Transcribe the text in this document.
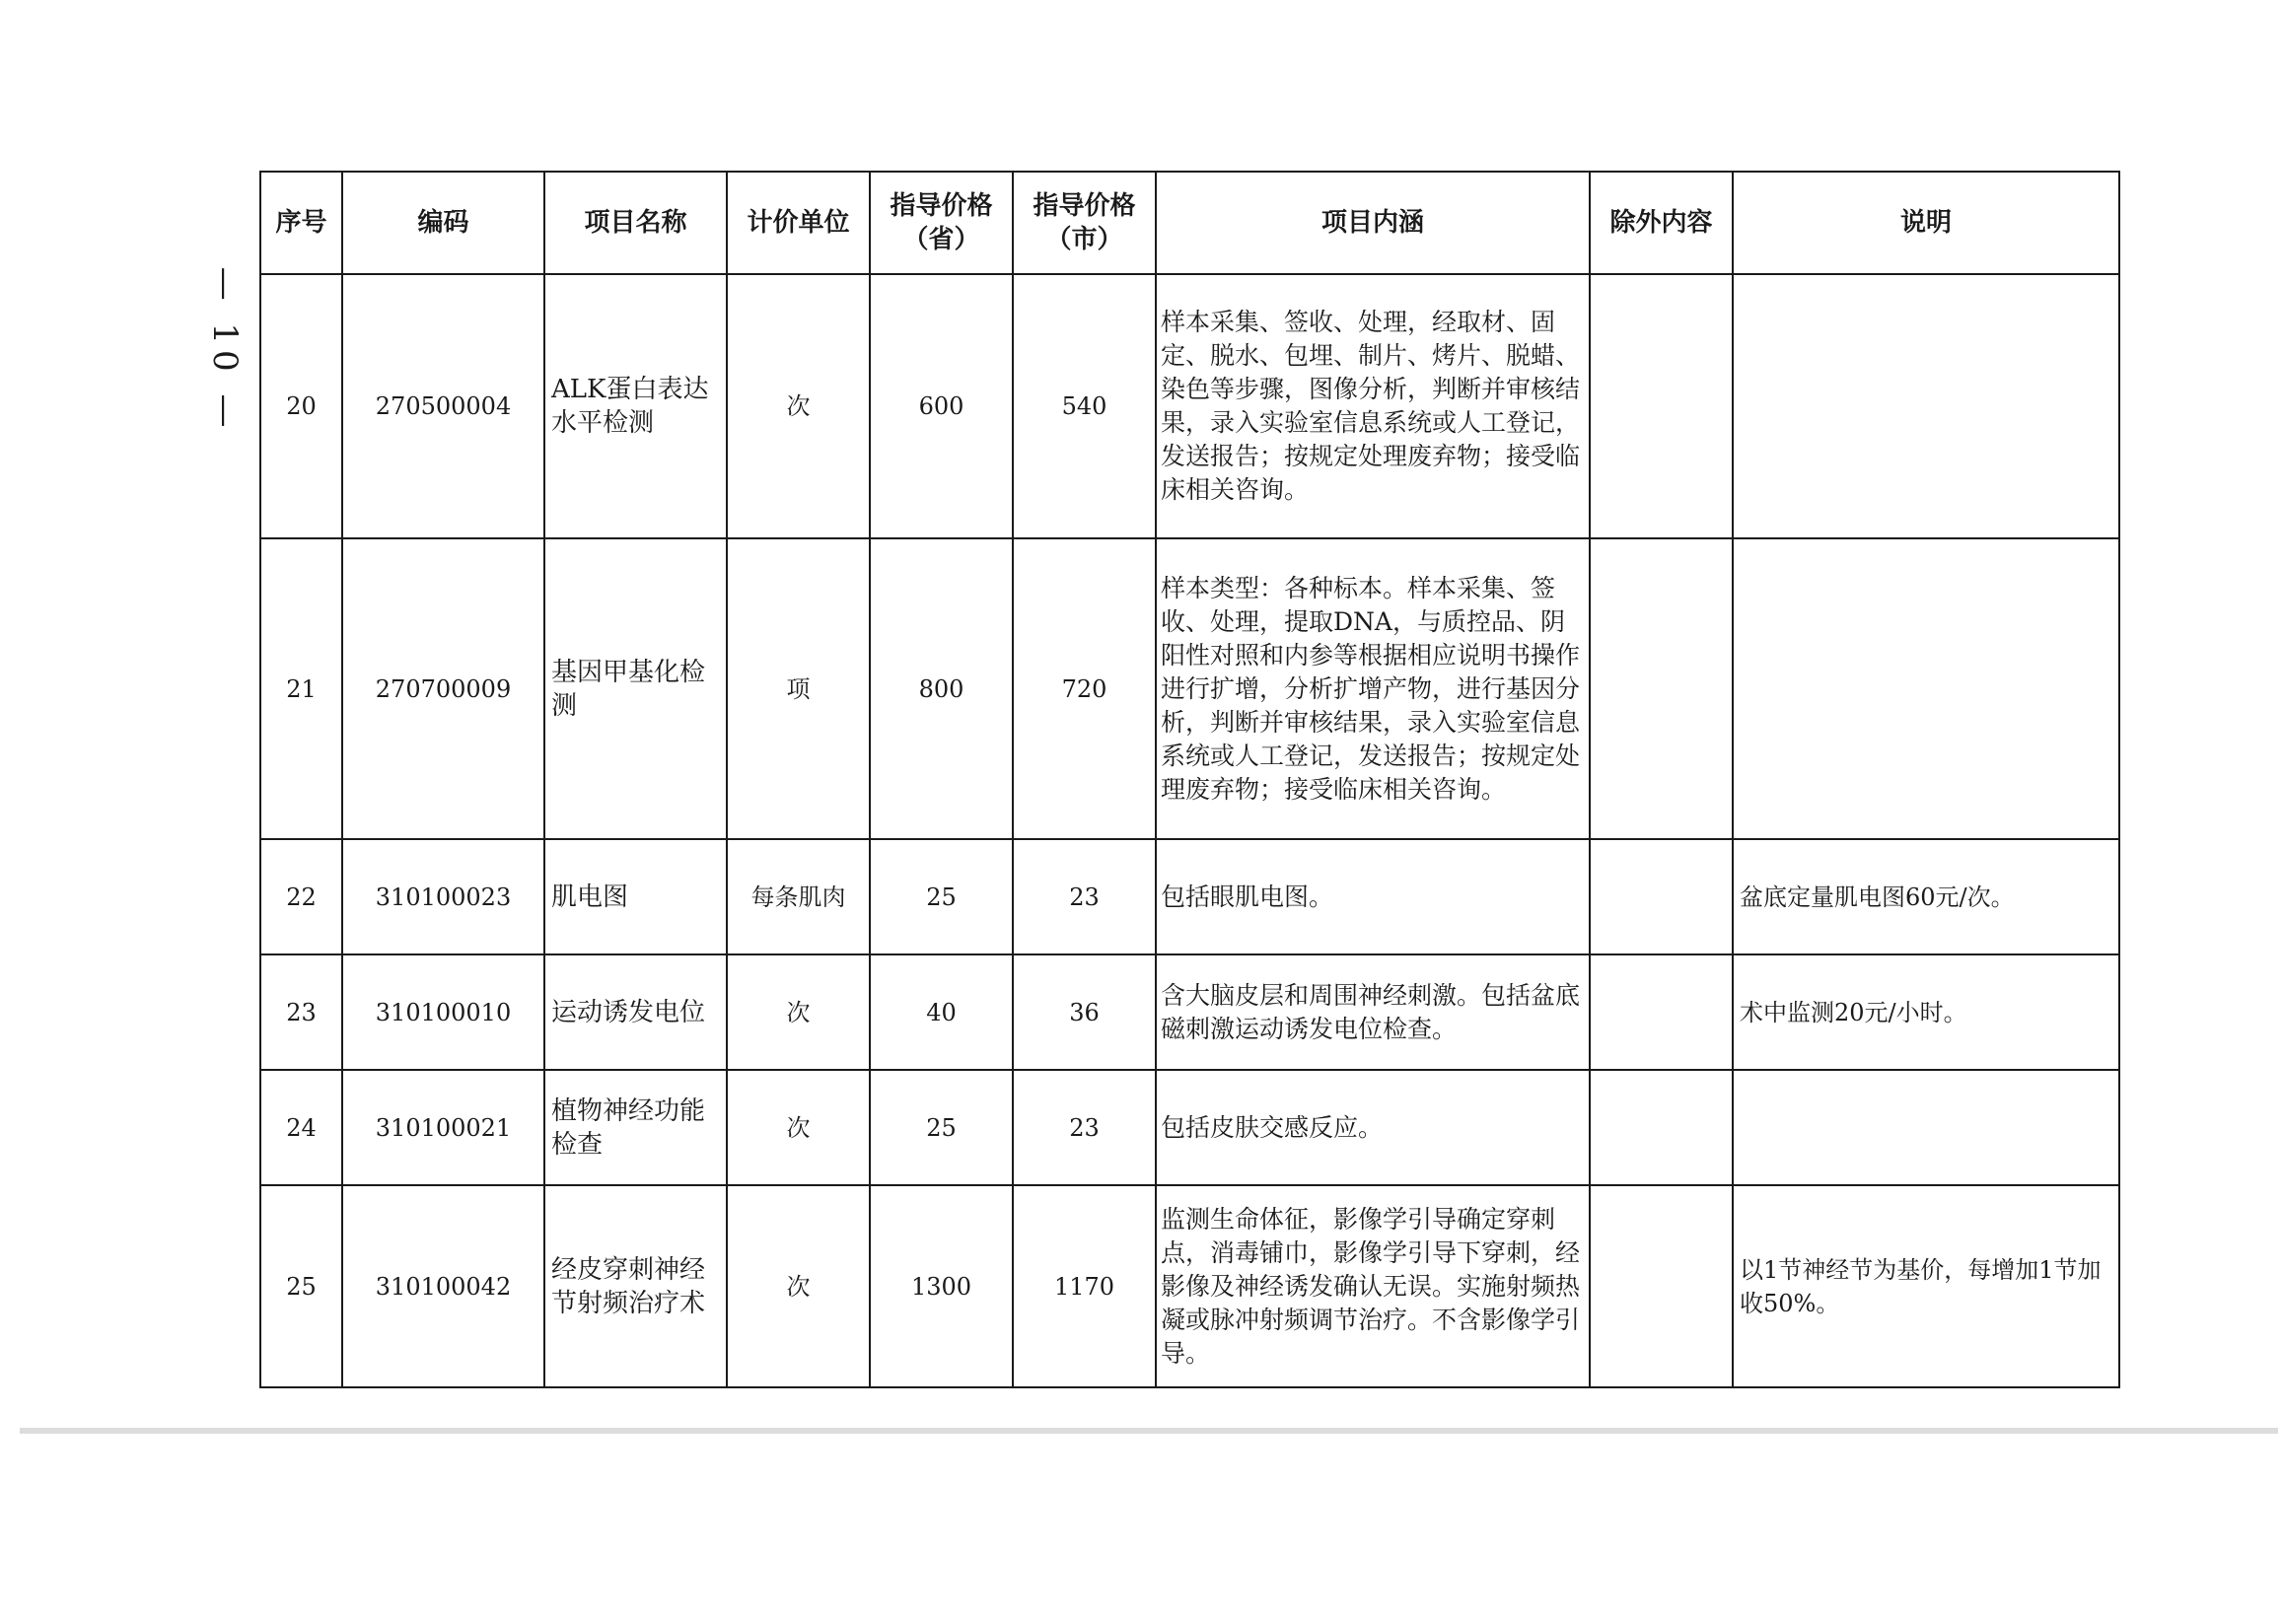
— 10 —
序号	编码	项目名称	计价单位	指导价格（省）	指导价格（市）	项目内涵	除外内容	说明
20	270500004	ALK蛋白表达水平检测	次	600	540	样本采集、签收、处理，经取材、固定、脱水、包埋、制片、烤片、脱蜡、染色等步骤，图像分析，判断并审核结果，录入实验室信息系统或人工登记，发送报告；按规定处理废弃物；接受临床相关咨询。		
21	270700009	基因甲基化检测	项	800	720	样本类型：各种标本。样本采集、签收、处理，提取DNA，与质控品、阴阳性对照和内参等根据相应说明书操作进行扩增，分析扩增产物，进行基因分析，判断并审核结果，录入实验室信息系统或人工登记，发送报告；按规定处理废弃物；接受临床相关咨询。		
22	310100023	肌电图	每条肌肉	25	23	包括眼肌电图。		盆底定量肌电图60元/次。
23	310100010	运动诱发电位	次	40	36	含大脑皮层和周围神经刺激。包括盆底磁刺激运动诱发电位检查。		术中监测20元/小时。
24	310100021	植物神经功能检查	次	25	23	包括皮肤交感反应。		
25	310100042	经皮穿刺神经节射频治疗术	次	1300	1170	监测生命体征，影像学引导确定穿刺点，消毒铺巾，影像学引导下穿刺，经影像及神经诱发确认无误。实施射频热凝或脉冲射频调节治疗。不含影像学引导。		以1节神经节为基价，每增加1节加收50%。
